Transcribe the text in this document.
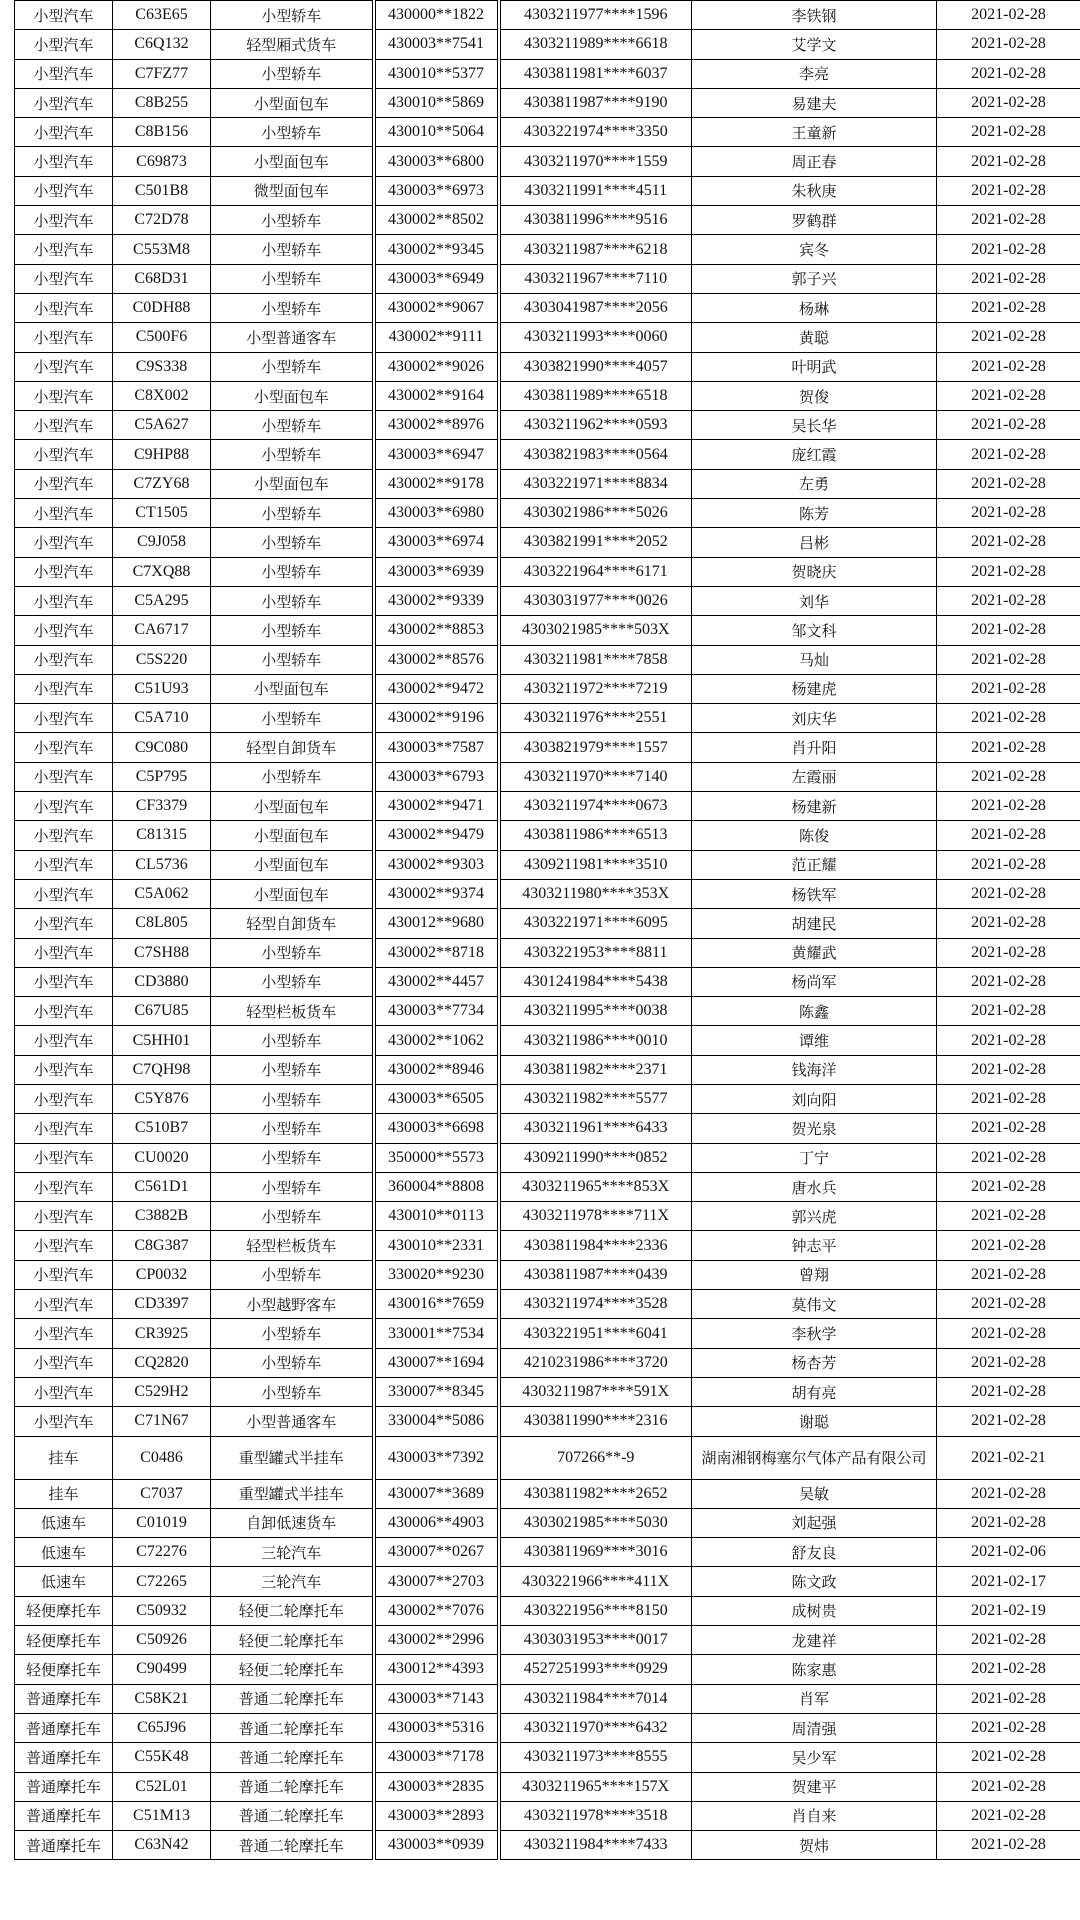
小型汽车	C63E65	小型轿车	430000**1822	4303211977****1596	李铁钢	2021-02-28
小型汽车	C6Q132	轻型厢式货车	430003**7541	4303211989****6618	艾学文	2021-02-28
小型汽车	C7FZ77	小型轿车	430010**5377	4303811981****6037	李亮	2021-02-28
小型汽车	C8B255	小型面包车	430010**5869	4303811987****9190	易建夫	2021-02-28
小型汽车	C8B156	小型轿车	430010**5064	4303221974****3350	王童新	2021-02-28
小型汽车	C69873	小型面包车	430003**6800	4303211970****1559	周正春	2021-02-28
小型汽车	C501B8	微型面包车	430003**6973	4303211991****4511	朱秋庚	2021-02-28
小型汽车	C72D78	小型轿车	430002**8502	4303811996****9516	罗鹤群	2021-02-28
小型汽车	C553M8	小型轿车	430002**9345	4303211987****6218	宾冬	2021-02-28
小型汽车	C68D31	小型轿车	430003**6949	4303211967****7110	郭子兴	2021-02-28
小型汽车	C0DH88	小型轿车	430002**9067	4303041987****2056	杨琳	2021-02-28
小型汽车	C500F6	小型普通客车	430002**9111	4303211993****0060	黄聪	2021-02-28
小型汽车	C9S338	小型轿车	430002**9026	4303821990****4057	叶明武	2021-02-28
小型汽车	C8X002	小型面包车	430002**9164	4303811989****6518	贺俊	2021-02-28
小型汽车	C5A627	小型轿车	430002**8976	4303211962****0593	吴长华	2021-02-28
小型汽车	C9HP88	小型轿车	430003**6947	4303821983****0564	庞红霞	2021-02-28
小型汽车	C7ZY68	小型面包车	430002**9178	4303221971****8834	左勇	2021-02-28
小型汽车	CT1505	小型轿车	430003**6980	4303021986****5026	陈芳	2021-02-28
小型汽车	C9J058	小型轿车	430003**6974	4303821991****2052	吕彬	2021-02-28
小型汽车	C7XQ88	小型轿车	430003**6939	4303221964****6171	贺晓庆	2021-02-28
小型汽车	C5A295	小型轿车	430002**9339	4303031977****0026	刘华	2021-02-28
小型汽车	CA6717	小型轿车	430002**8853	4303021985****503X	邹文科	2021-02-28
小型汽车	C5S220	小型轿车	430002**8576	4303211981****7858	马灿	2021-02-28
小型汽车	C51U93	小型面包车	430002**9472	4303211972****7219	杨建虎	2021-02-28
小型汽车	C5A710	小型轿车	430002**9196	4303211976****2551	刘庆华	2021-02-28
小型汽车	C9C080	轻型自卸货车	430003**7587	4303821979****1557	肖升阳	2021-02-28
小型汽车	C5P795	小型轿车	430003**6793	4303211970****7140	左霞丽	2021-02-28
小型汽车	CF3379	小型面包车	430002**9471	4303211974****0673	杨建新	2021-02-28
小型汽车	C81315	小型面包车	430002**9479	4303811986****6513	陈俊	2021-02-28
小型汽车	CL5736	小型面包车	430002**9303	4309211981****3510	范正耀	2021-02-28
小型汽车	C5A062	小型面包车	430002**9374	4303211980****353X	杨铁军	2021-02-28
小型汽车	C8L805	轻型自卸货车	430012**9680	4303221971****6095	胡建民	2021-02-28
小型汽车	C7SH88	小型轿车	430002**8718	4303221953****8811	黄耀武	2021-02-28
小型汽车	CD3880	小型轿车	430002**4457	4301241984****5438	杨尚军	2021-02-28
小型汽车	C67U85	轻型栏板货车	430003**7734	4303211995****0038	陈鑫	2021-02-28
小型汽车	C5HH01	小型轿车	430002**1062	4303211986****0010	谭维	2021-02-28
小型汽车	C7QH98	小型轿车	430002**8946	4303811982****2371	钱海洋	2021-02-28
小型汽车	C5Y876	小型轿车	430003**6505	4303211982****5577	刘向阳	2021-02-28
小型汽车	C510B7	小型轿车	430003**6698	4303211961****6433	贺光泉	2021-02-28
小型汽车	CU0020	小型轿车	350000**5573	4309211990****0852	丁宁	2021-02-28
小型汽车	C561D1	小型轿车	360004**8808	4303211965****853X	唐水兵	2021-02-28
小型汽车	C3882B	小型轿车	430010**0113	4303211978****711X	郭兴虎	2021-02-28
小型汽车	C8G387	轻型栏板货车	430010**2331	4303811984****2336	钟志平	2021-02-28
小型汽车	CP0032	小型轿车	330020**9230	4303811987****0439	曾翔	2021-02-28
小型汽车	CD3397	小型越野客车	430016**7659	4303211974****3528	莫伟文	2021-02-28
小型汽车	CR3925	小型轿车	330001**7534	4303221951****6041	李秋学	2021-02-28
小型汽车	CQ2820	小型轿车	430007**1694	4210231986****3720	杨杏芳	2021-02-28
小型汽车	C529H2	小型轿车	330007**8345	4303211987****591X	胡有亮	2021-02-28
小型汽车	C71N67	小型普通客车	330004**5086	4303811990****2316	谢聪	2021-02-28
挂车	C0486	重型罐式半挂车	430003**7392	707266**-9	湖南湘钢梅塞尔气体产品有限公司	2021-02-21
挂车	C7037	重型罐式半挂车	430007**3689	4303811982****2652	吴敏	2021-02-28
低速车	C01019	自卸低速货车	430006**4903	4303021985****5030	刘起强	2021-02-28
低速车	C72276	三轮汽车	430007**0267	4303811969****3016	舒友良	2021-02-06
低速车	C72265	三轮汽车	430007**2703	4303221966****411X	陈文政	2021-02-17
轻便摩托车	C50932	轻便二轮摩托车	430002**7076	4303221956****8150	成树贵	2021-02-19
轻便摩托车	C50926	轻便二轮摩托车	430002**2996	4303031953****0017	龙建祥	2021-02-28
轻便摩托车	C90499	轻便二轮摩托车	430012**4393	4527251993****0929	陈家惠	2021-02-28
普通摩托车	C58K21	普通二轮摩托车	430003**7143	4303211984****7014	肖军	2021-02-28
普通摩托车	C65J96	普通二轮摩托车	430003**5316	4303211970****6432	周清强	2021-02-28
普通摩托车	C55K48	普通二轮摩托车	430003**7178	4303211973****8555	吴少军	2021-02-28
普通摩托车	C52L01	普通二轮摩托车	430003**2835	4303211965****157X	贺建平	2021-02-28
普通摩托车	C51M13	普通二轮摩托车	430003**2893	4303211978****3518	肖自来	2021-02-28
普通摩托车	C63N42	普通二轮摩托车	430003**0939	4303211984****7433	贺炜	2021-02-28
